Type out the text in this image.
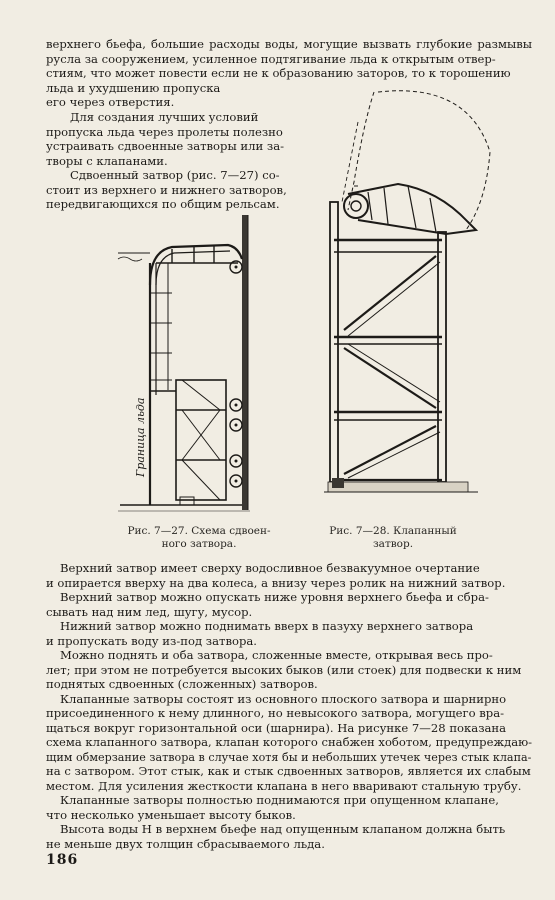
верхнего бьефа, большие расходы воды, могущие вызвать глубокие размывы
русла за сооружением, усиленное подтягивание льда к открытым отвер-
стиям, что может повести если не к образованию заторов, то к торошению
льда и ухудшению пропуска
его через отверстия.
Для создания лучших условий
пропуска льда через пролеты полезно
устраивать сдвоенные затворы или за-
творы с клапанами.
Сдвоенный затвор (рис. 7—27) со-
стоит из верхнего и нижнего затворов,
передвигающихся по общим рельсам.
Граница льда
Рис. 7—27. Схема сдвоен-
ного затвора.
Рис. 7—28. Клапанный
затвор.
Верхний затвор имеет сверху водосливное безвакуумное очертание
и опирается вверху на два колеса, а внизу через ролик на нижний затвор.
Верхний затвор можно опускать ниже уровня верхнего бьефа и сбра-
сывать над ним лед, шугу, мусор.
Нижний затвор можно поднимать вверх в пазуху верхнего затвора
и пропускать воду из-под затвора.
Можно поднять и оба затвора, сложенные вместе, открывая весь про-
лет; при этом не потребуется высоких быков (или стоек) для подвески к ним
поднятых сдвоенных (сложенных) затворов.
Клапанные затворы состоят из основного плоского затвора и шарнирно
присоединенного к нему длинного, но невысокого затвора, могущего вра-
щаться вокруг горизонтальной оси (шарнира). На рисунке 7—28 показана
схема клапанного затвора, клапан которого снабжен хоботом, предупреждаю-
щим обмерзание затвора в случае хотя бы и небольших утечек через стык клапа-
на с затвором. Этот стык, как и стык сдвоенных затворов, является их слабым
местом. Для усиления жесткости клапана в него вваривают стальную трубу.
Клапанные затворы полностью поднимаются при опущенном клапане,
что несколько уменьшает высоту быков.
Высота воды H в верхнем бьефе над опущенным клапаном должна быть
не меньше двух толщин сбрасываемого льда.
186
